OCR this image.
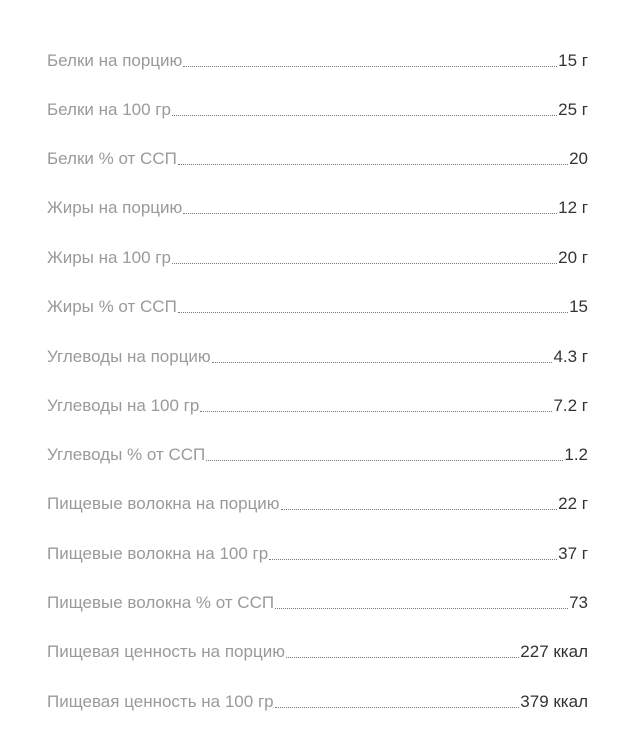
Белки на порцию	15 г
Белки на 100 гр	25 г
Белки % от ССП	20
Жиры на порцию	12 г
Жиры на 100 гр	20 г
Жиры % от ССП	15
Углеводы на порцию	4.3 г
Углеводы на 100 гр	7.2 г
Углеводы % от ССП	1.2
Пищевые волокна на порцию	22 г
Пищевые волокна на 100 гр	37 г
Пищевые волокна % от ССП	73
Пищевая ценность на порцию	227 ккал
Пищевая ценность на 100 гр	379 ккал
